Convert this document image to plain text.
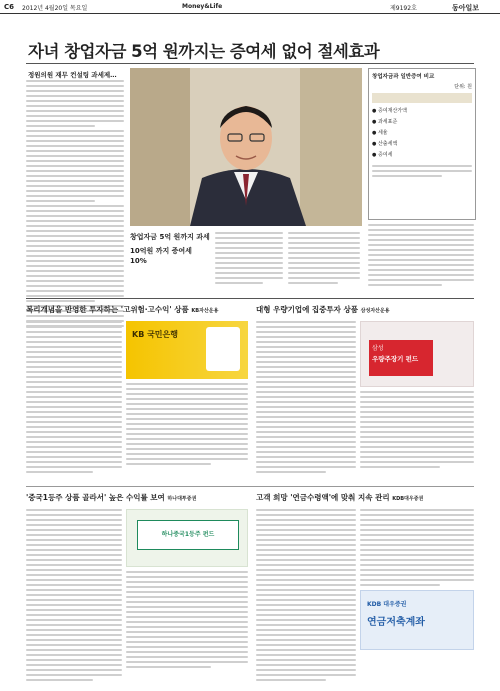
C6 2012년 4월20일 목요일	Money&Life	제9192호	동아일보
자녀 창업자금 5억 원까지는 증여세 없어 절세효과
정원의원 재무 컨설팅 과세제…	창업자금과 일반증여 비교
단위: 원
● 증여재산가액
● 과세표준
● 세율
● 산출세액
● 증여세
창업자금 5억 원까지 과세
10억원 까지 증여세 10%
복리개념을 반영한 투자하는 '고위험·고수익' 상품 KB자산운용
KB 국민은행
대형 우량기업에 집중투자 상품 삼성자산운용
삼성
우량주장기 펀드
'중국1등주 상품 골라서' 높은 수익률 보여 하나대투증권
하나중국1등주 펀드
고객 희망 '연금수령액'에 맞춰 지속 관리 KDB대우증권
KDB 대우증권
연금저축계좌
